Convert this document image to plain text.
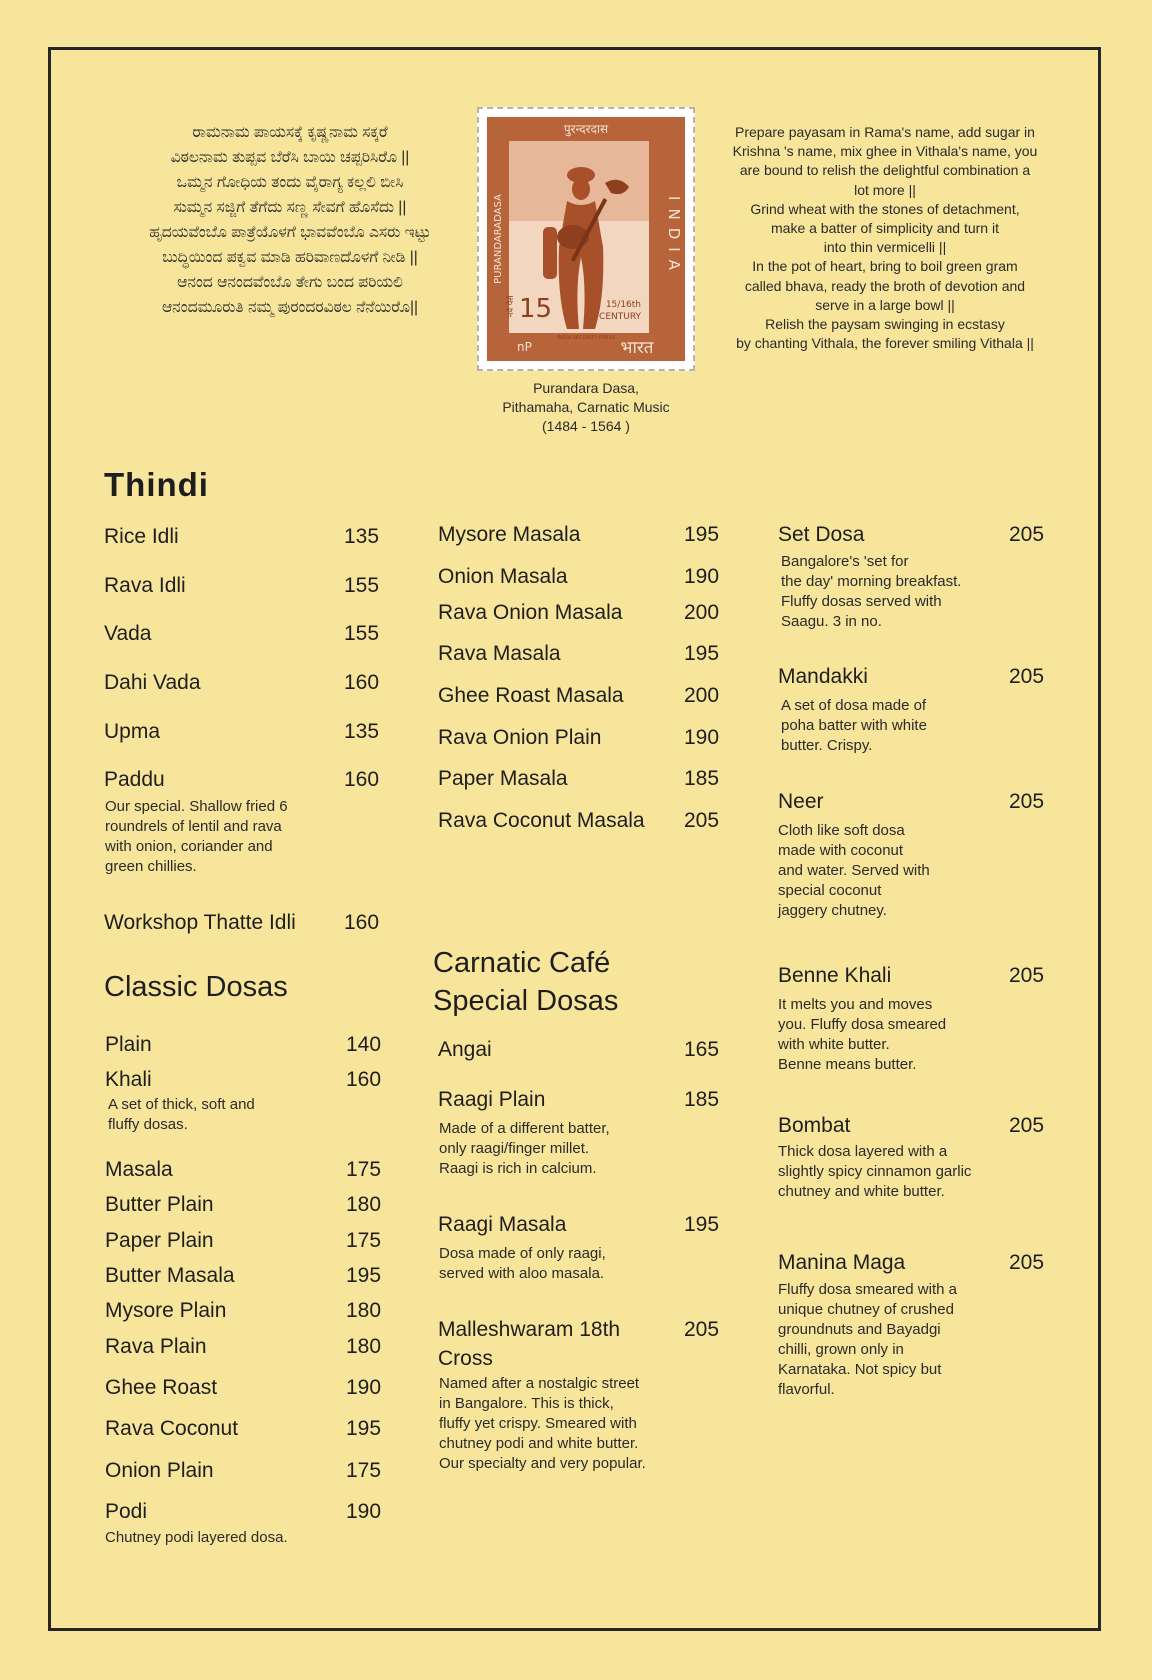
ರಾಮನಾಮ ಪಾಯಸಕ್ಕೆ ಕೃಷ್ಣನಾಮ ಸಕ್ಕರೆ
ವಿಠಲನಾಮ ತುಪ್ಪವ ಬೆರೆಸಿ ಬಾಯಿ ಚಪ್ಪರಿಸಿರೊ ||
ಒಮ್ಮನ ಗೋಧಿಯ ತಂದು ವೈರಾಗ್ಯ ಕಲ್ಲಲಿ ಬೀಸಿ
ಸುಮ್ಮನ ಸಜ್ಜಿಗೆ ತೆಗೆದು ಸಣ್ಣ ಸೇವಗೆ ಹೊಸೆದು ||
ಹೃದಯವೆಂಬೊ ಪಾತ್ರೆಯೊಳಗೆ ಭಾವವೆಂಬೊ ಎಸರು ಇಟ್ಟು
ಬುದ್ಧಿಯಿಂದ ಪಕ್ವವ ಮಾಡಿ ಹರಿವಾಣದೊಳಗೆ ನೀಡಿ ||
ಆನಂದ ಆನಂದವೆಂಬೊ ತೇಗು ಬಂದ ಪರಿಯಲಿ
ಆನಂದಮೂರುತಿ ನಮ್ಮ ಪುರಂದರವಿಠಲ ನೆನೆಯಿರೊ||
पुरन्दरदास
PURANDARADASA	INDIA
नये पैसे 15
nP
15/16th
CENTURY
भारत
INDIA SECURITY PRESS
Purandara Dasa,
Pithamaha, Carnatic Music
(1484 - 1564 )
Prepare payasam in Rama's name, add sugar in
Krishna 's name, mix ghee in Vithala's name, you
are bound to relish the delightful combination a
lot more ||
Grind wheat with the stones of detachment,
make a batter of simplicity and turn it
into thin vermicelli ||
In the pot of heart, bring to boil green gram
called bhava, ready the broth of devotion and
serve in a large bowl ||
Relish the paysam swinging in ecstasy
by chanting Vithala, the forever smiling Vithala ||
Thindi
Classic Dosas
Carnatic Café
Special Dosas
Rice Idli	135
Rava Idli	155
Vada	155
Dahi Vada	160
Upma	135
Paddu	160
Our special. Shallow fried 6
roundrels of lentil and rava
with onion, coriander and
green chillies.
Workshop Thatte Idli 160
Plain	140
Khali	160
A set of thick, soft and
fluffy dosas.
Masala	175
Butter Plain	180
Paper Plain	175
Butter Masala	195
Mysore Plain	180
Rava Plain	180
Ghee Roast	190
Rava Coconut	195
Onion Plain	175
Podi	190
Chutney podi layered dosa.
Mysore Masala	195
Onion Masala	190
Rava Onion Masala	200
Rava Masala	195
Ghee Roast Masala	200
Rava Onion Plain	190
Paper Masala	185
Rava Coconut Masala 205
Angai	165
Raagi Plain	185
Made of a different batter,
only raagi/finger millet.
Raagi is rich in calcium.
Raagi Masala	195
Dosa made of only raagi,
served with aloo masala.
Malleshwaram 18th
Cross
205
Named after a nostalgic street
in Bangalore. This is thick,
fluffy yet crispy. Smeared with
chutney podi and white butter.
Our specialty and very popular.
Set Dosa	205
Bangalore's 'set for
the day' morning breakfast.
Fluffy dosas served with
Saagu. 3 in no.
Mandakki	205
A set of dosa made of
poha batter with white
butter. Crispy.
Neer	205
Cloth like soft dosa
made with coconut
and water. Served with
special coconut
jaggery chutney.
Benne Khali	205
It melts you and moves
you. Fluffy dosa smeared
with white butter.
Benne means butter.
Bombat	205
Thick dosa layered with a
slightly spicy cinnamon garlic
chutney and white butter.
Manina Maga	205
Fluffy dosa smeared with a
unique chutney of crushed
groundnuts and Bayadgi
chilli, grown only in
Karnataka. Not spicy but
flavorful.
